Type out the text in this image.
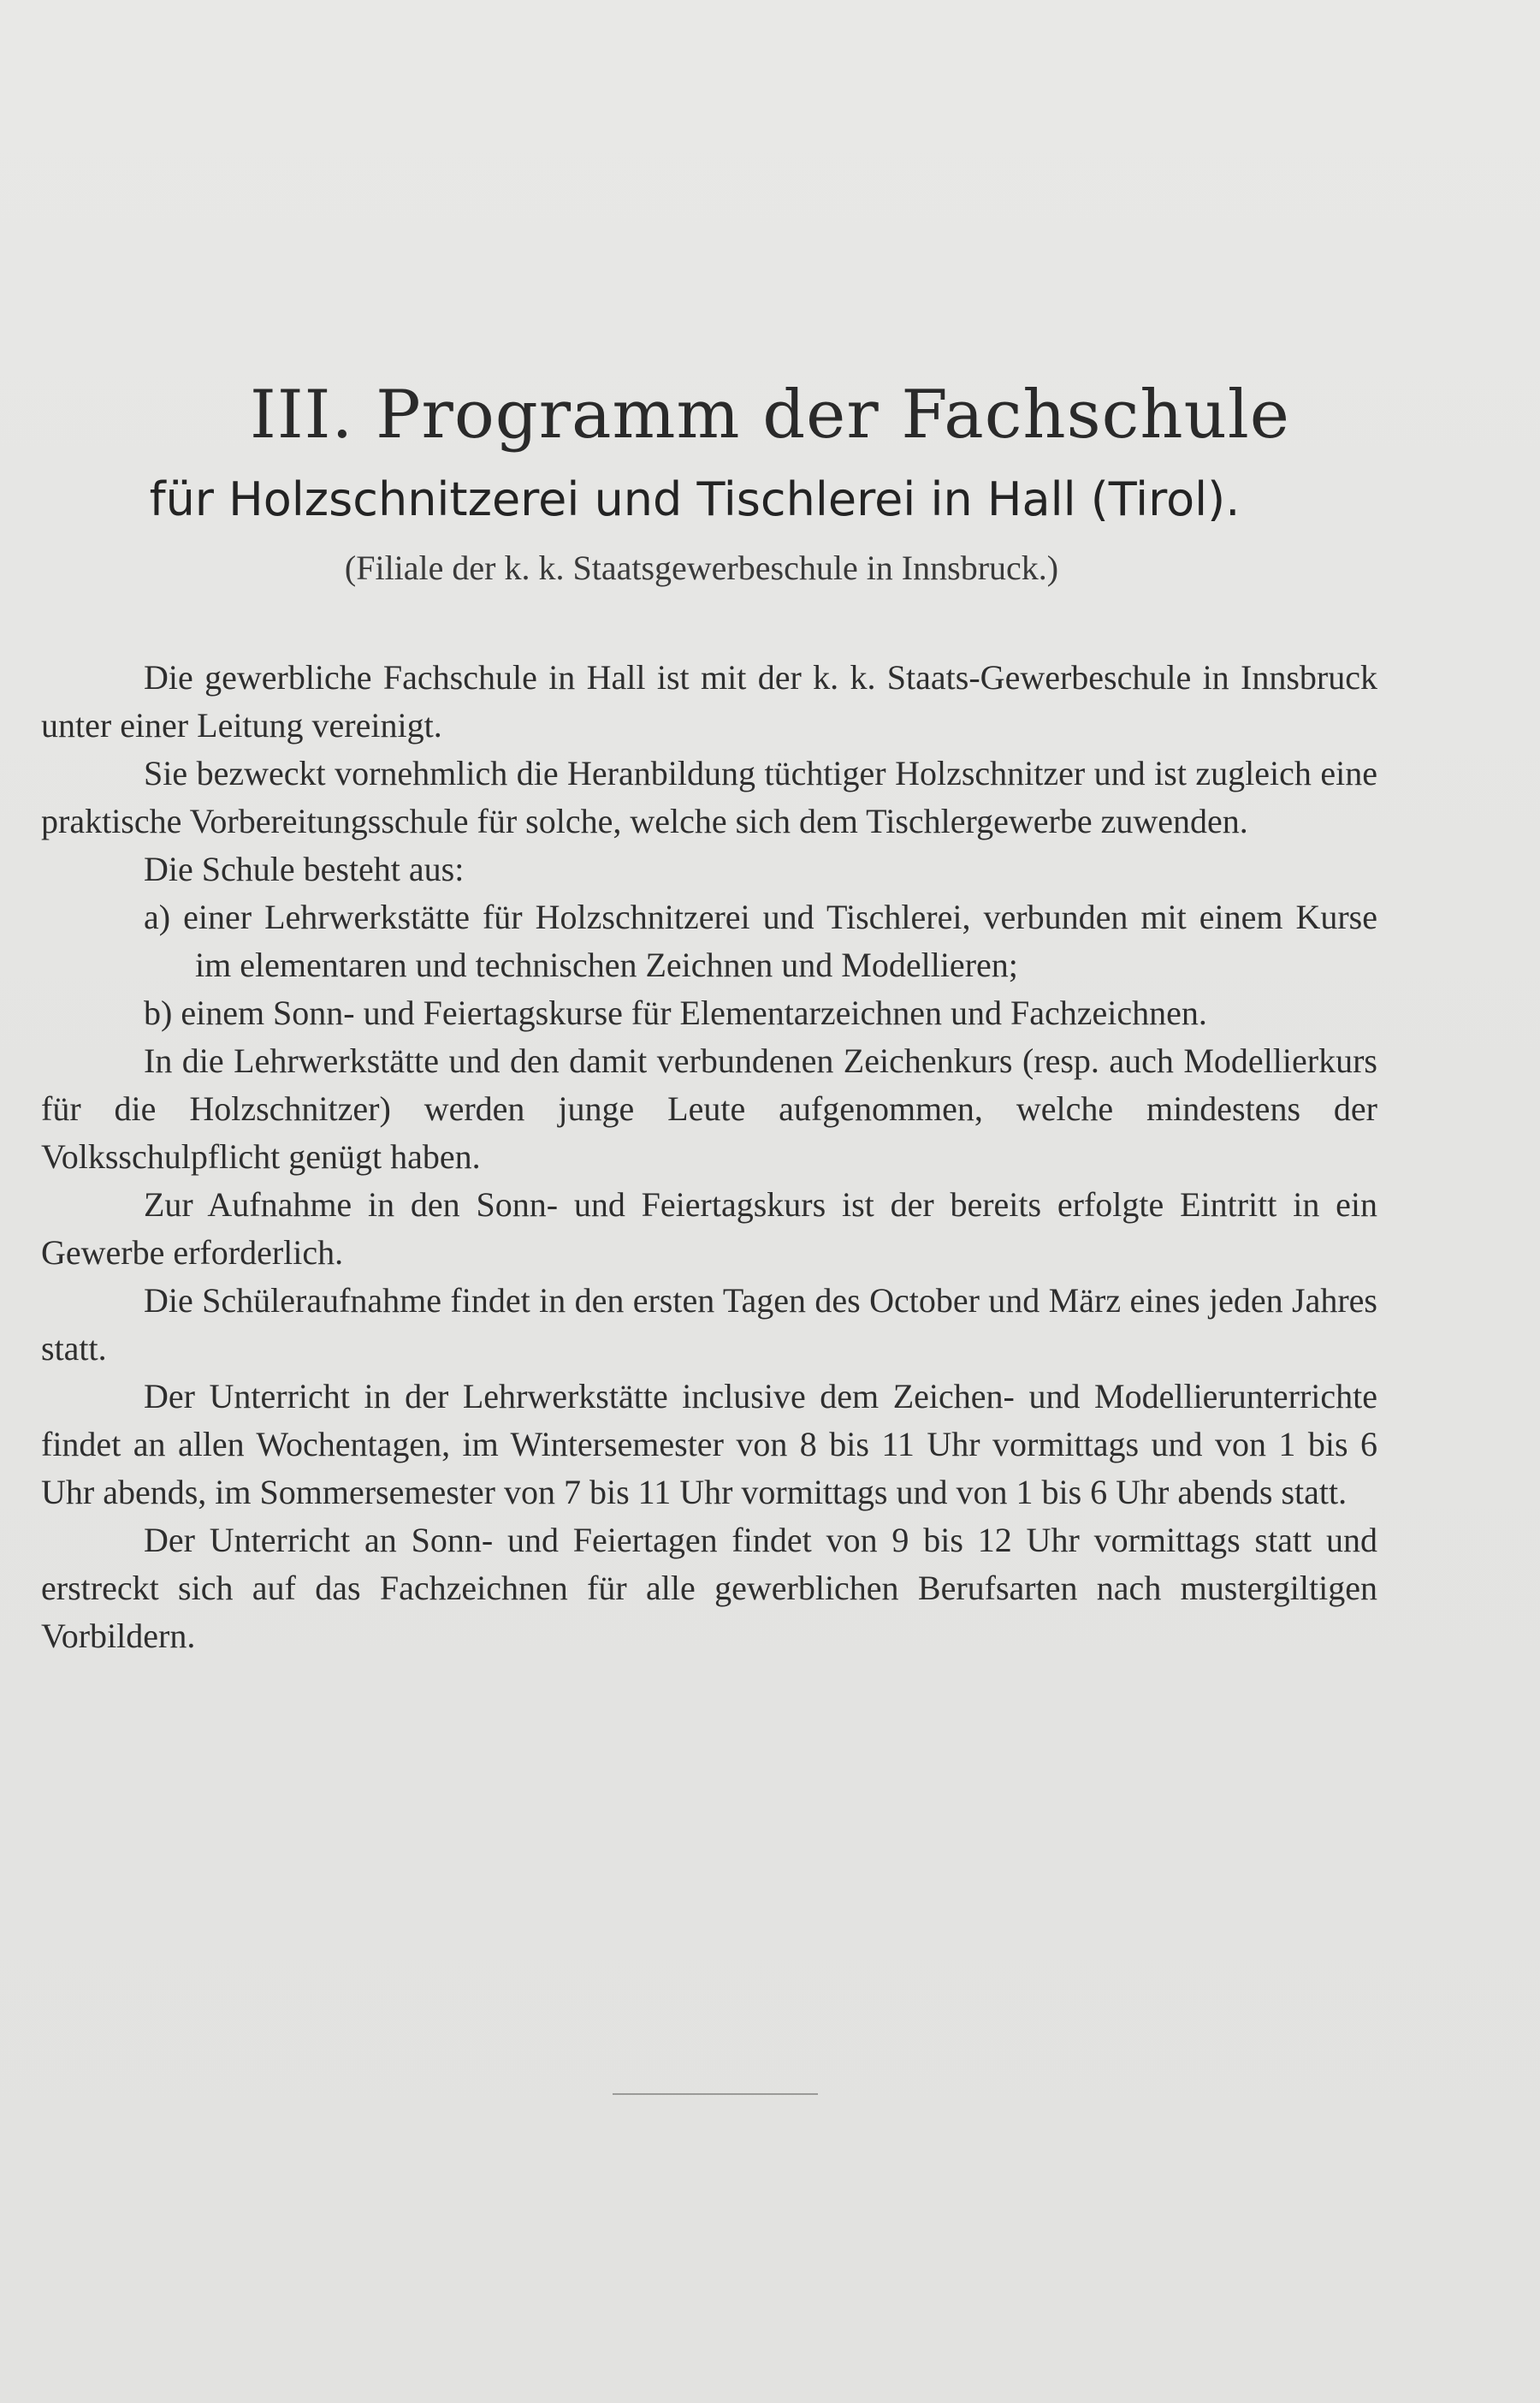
III. Programm der Fachschule
für Holzschnitzerei und Tischlerei in Hall (Tirol).
(Filiale der k. k. Staatsgewerbeschule in Innsbruck.)

Die gewerbliche Fachschule in Hall ist mit der k. k. Staats-Gewerbeschule in Innsbruck unter einer Leitung vereinigt.

Sie bezweckt vornehmlich die Heranbildung tüchtiger Holzschnitzer und ist zugleich eine praktische Vorbereitungsschule für solche, welche sich dem Tischlergewerbe zuwenden.

Die Schule besteht aus:

a) einer Lehrwerkstätte für Holzschnitzerei und Tischlerei, verbunden mit einem Kurse im elementaren und technischen Zeichnen und Modellieren;

b) einem Sonn- und Feiertagskurse für Elementarzeichnen und Fachzeichnen.

In die Lehrwerkstätte und den damit verbundenen Zeichenkurs (resp. auch Modellierkurs für die Holzschnitzer) werden junge Leute aufgenommen, welche mindestens der Volksschulpflicht genügt haben.

Zur Aufnahme in den Sonn- und Feiertagskurs ist der bereits erfolgte Eintritt in ein Gewerbe erforderlich.

Die Schüleraufnahme findet in den ersten Tagen des October und März eines jeden Jahres statt.

Der Unterricht in der Lehrwerkstätte inclusive dem Zeichen- und Modellierunterrichte findet an allen Wochentagen, im Wintersemester von 8 bis 11 Uhr vormittags und von 1 bis 6 Uhr abends, im Sommersemester von 7 bis 11 Uhr vormittags und von 1 bis 6 Uhr abends statt.

Der Unterricht an Sonn- und Feiertagen findet von 9 bis 12 Uhr vormittags statt und erstreckt sich auf das Fachzeichnen für alle gewerblichen Berufsarten nach mustergiltigen Vorbildern.
